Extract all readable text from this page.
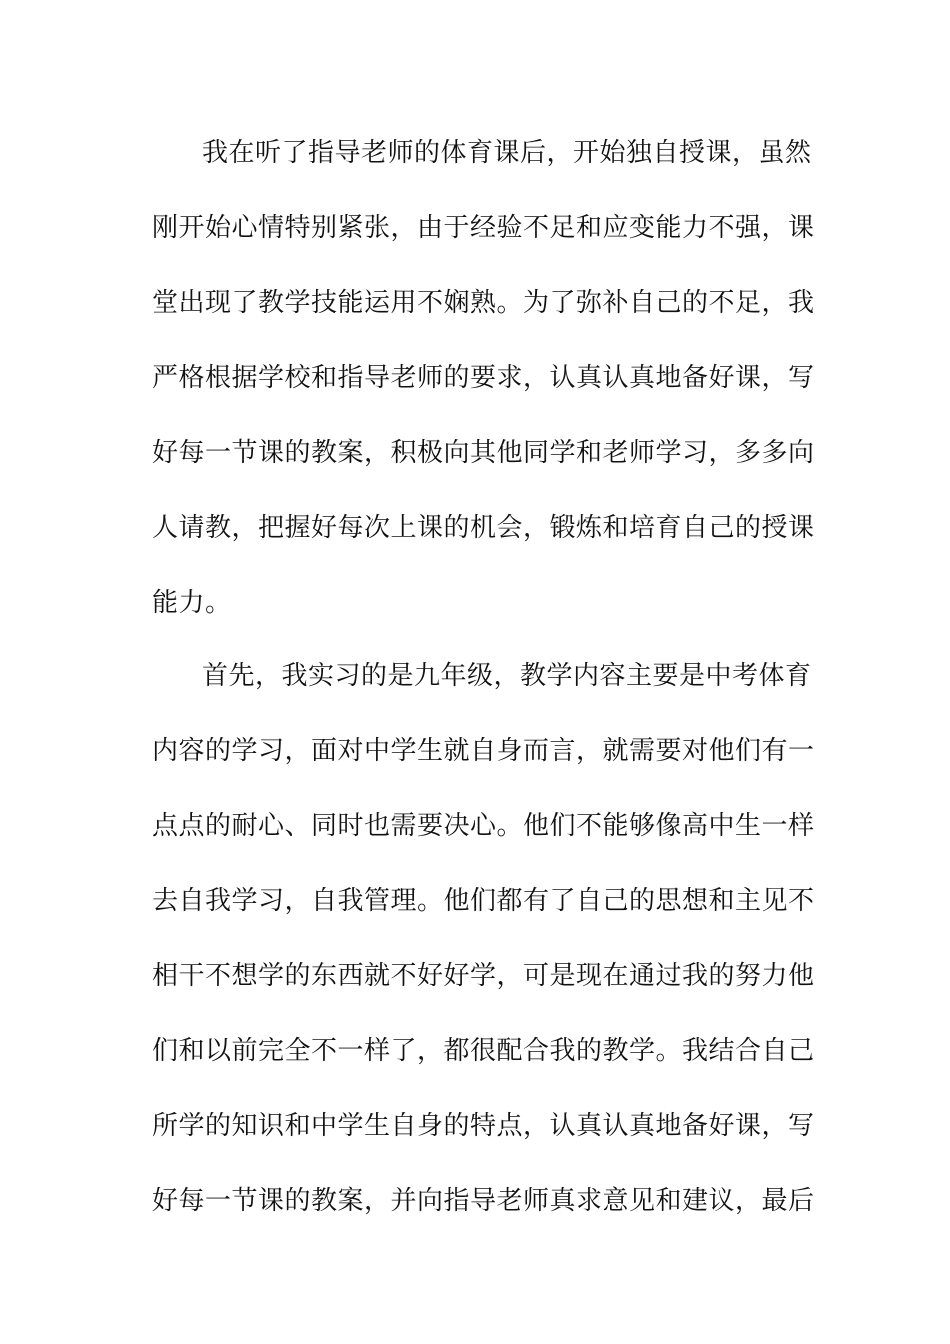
我在听了指导老师的体育课后，开始独自授课，虽然
刚开始心情特别紧张，由于经验不足和应变能力不强，课
堂出现了教学技能运用不娴熟。为了弥补自己的不足，我
严格根据学校和指导老师的要求，认真认真地备好课，写
好每一节课的教案，积极向其他同学和老师学习，多多向
人请教，把握好每次上课的机会，锻炼和培育自己的授课
能力。
首先，我实习的是九年级，教学内容主要是中考体育
内容的学习，面对中学生就自身而言，就需要对他们有一
点点的耐心、同时也需要决心。他们不能够像高中生一样
去自我学习，自我管理。他们都有了自己的思想和主见不
相干不想学的东西就不好好学，可是现在通过我的努力他
们和以前完全不一样了，都很配合我的教学。我结合自己
所学的知识和中学生自身的特点，认真认真地备好课，写
好每一节课的教案，并向指导老师真求意见和建议，最后
